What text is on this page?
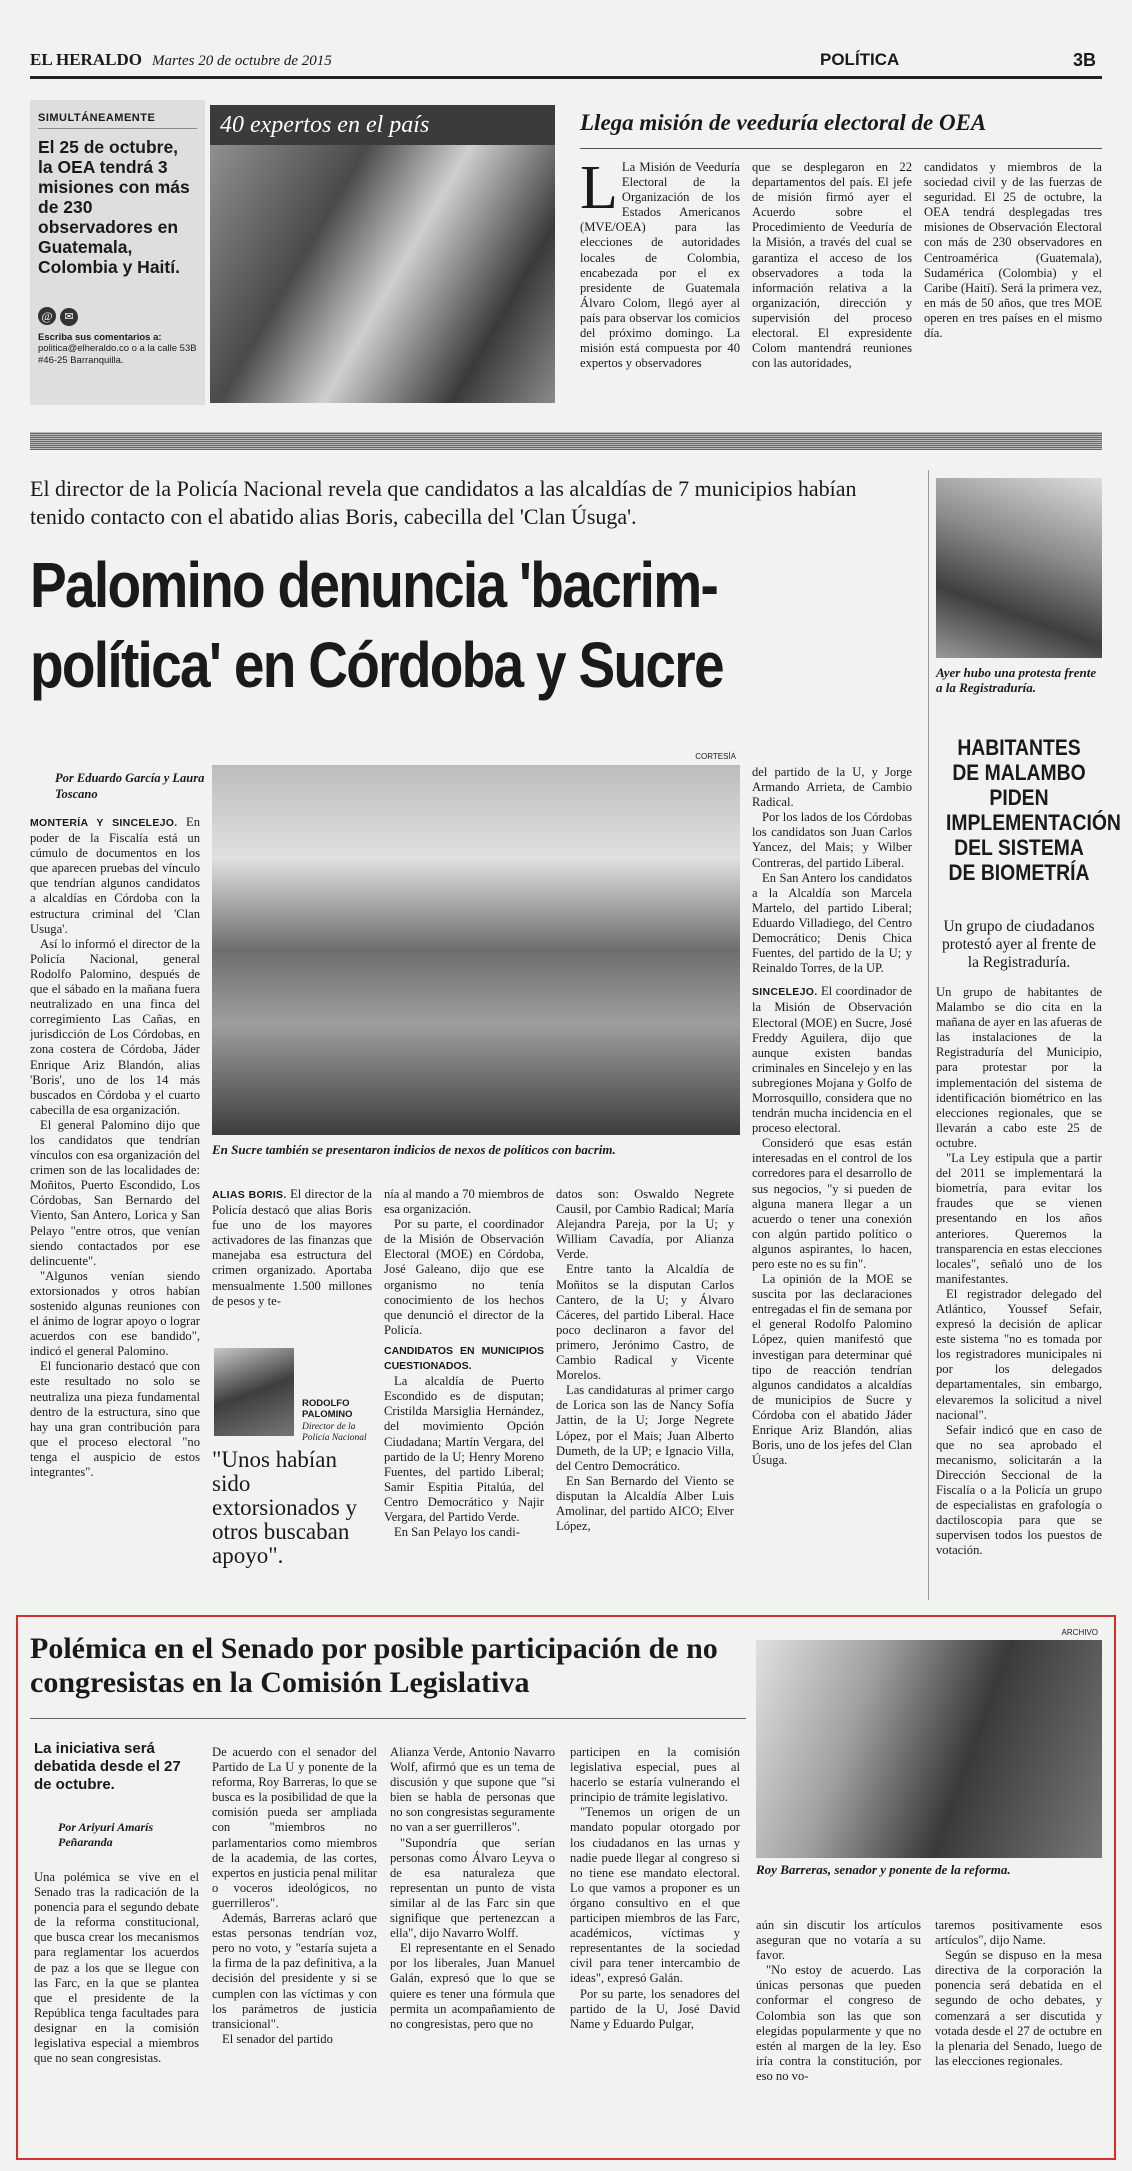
EL HERALDO Martes 20 de octubre de 2015	POLÍTICA	3B
SIMULTÁNEAMENTE
El 25 de octubre, la OEA tendrá 3 misiones con más de 230 observadores en Guatemala, Colombia y Haití.
@ ✉
Escriba sus comentarios a:
politica@elheraldo.co o a la calle 53B #46-25 Barranquilla.
40 expertos en el país	Llega misión de veeduría electoral de OEA
L La Misión de Veeduría Electoral de la Organización de los Estados Americanos (MVE/OEA) para las elecciones de autoridades locales de Colombia, encabezada por el ex presidente de Guatemala Álvaro Colom, llegó ayer al país para observar los comicios del próximo domingo. La misión está compuesta por 40 expertos y observadores
que se desplegaron en 22 departamentos del país. El jefe de misión firmó ayer el Acuerdo sobre el Procedimiento de Veeduría de la Misión, a través del cual se garantiza el acceso de los observadores a toda la información relativa a la organización, dirección y supervisión del proceso electoral. El expresidente Colom mantendrá reuniones con las autoridades,
candidatos y miembros de la sociedad civil y de las fuerzas de seguridad. El 25 de octubre, la OEA tendrá desplegadas tres misiones de Observación Electoral con más de 230 observadores en Centroamérica (Guatemala), Sudamérica (Colombia) y el Caribe (Haití). Será la primera vez, en más de 50 años, que tres MOE operen en tres países en el mismo día.
El director de la Policía Nacional revela que candidatos a las alcaldías de 7 municipios habían tenido contacto con el abatido alias Boris, cabecilla del 'Clan Úsuga'.
Palomino denuncia 'bacrim-política' en Córdoba y Sucre
Por Eduardo García y Laura Toscano
CORTESÍA
En Sucre también se presentaron indicios de nexos de políticos con bacrim.

MONTERÍA Y SINCELEJO. En poder de la Fiscalía está un cúmulo de documentos en los que aparecen pruebas del vínculo que tendrían algunos candidatos a alcaldías en Córdoba con la estructura criminal del 'Clan Usuga'.

Así lo informó el director de la Policía Nacional, general Rodolfo Palomino, después de que el sábado en la mañana fuera neutralizado en una finca del corregimiento Las Cañas, en jurisdicción de Los Córdobas, en zona costera de Córdoba, Jáder Enrique Ariz Blandón, alias 'Boris', uno de los 14 más buscados en Córdoba y el cuarto cabecilla de esa organización.

El general Palomino dijo que los candidatos que tendrían vínculos con esa organización del crimen son de las localidades de: Moñitos, Puerto Escondido, Los Córdobas, San Bernardo del Viento, San Antero, Lorica y San Pelayo "entre otros, que venían siendo contactados por ese delincuente".

"Algunos venían siendo extorsionados y otros habían sostenido algunas reuniones con el ánimo de lograr apoyo o lograr acuerdos con ese bandido", indicó el general Palomino.

El funcionario destacó que con este resultado no solo se neutraliza una pieza fundamental dentro de la estructura, sino que hay una gran contribución para que el proceso electoral "no tenga el auspicio de estos integrantes".

ALIAS BORIS. El director de la Policía destacó que alias Boris fue uno de los mayores activadores de las finanzas que manejaba esa estructura del crimen organizado. Aportaba mensualmente 1.500 millones de pesos y te-

RODOLFO PALOMINO
Director de la Policía Nacional
"Unos habían sido extorsionados y otros buscaban apoyo".

nía al mando a 70 miembros de esa organización.

Por su parte, el coordinador de la Misión de Observación Electoral (MOE) en Córdoba, José Galeano, dijo que ese organismo no tenía conocimiento de los hechos que denunció el director de la Policía.

CANDIDATOS EN MUNICIPIOS CUESTIONADOS.

La alcaldía de Puerto Escondido es de disputan; Cristilda Marsiglia Hernández, del movimiento Opción Ciudadana; Martín Vergara, del partido de la U; Henry Moreno Fuentes, del partido Liberal; Samir Espitia Pitalúa, del Centro Democrático y Najir Vergara, del Partido Verde.

En San Pelayo los candi-

datos son: Oswaldo Negrete Causil, por Cambio Radical; María Alejandra Pareja, por la U; y William Cavadía, por Alianza Verde.

Entre tanto la Alcaldía de Moñitos se la disputan Carlos Cantero, de la U; y Álvaro Cáceres, del partido Liberal. Hace poco declinaron a favor del primero, Jerónimo Castro, de Cambio Radical y Vicente Morelos.

Las candidaturas al primer cargo de Lorica son las de Nancy Sofía Jattin, de la U; Jorge Negrete López, por el Mais; Juan Alberto Dumeth, de la UP; e Ignacio Villa, del Centro Democrático.

En San Bernardo del Viento se disputan la Alcaldía Alber Luis Amolinar, del partido AICO; Elver López,

del partido de la U, y Jorge Armando Arrieta, de Cambio Radical.

Por los lados de los Córdobas los candidatos son Juan Carlos Yancez, del Mais; y Wilber Contreras, del partido Liberal.

En San Antero los candidatos a la Alcaldía son Marcela Martelo, del partido Liberal; Eduardo Villadiego, del Centro Democrático; Denis Chica Fuentes, del partido de la U; y Reinaldo Torres, de la UP.

SINCELEJO. El coordinador de la Misión de Observación Electoral (MOE) en Sucre, José Freddy Aguilera, dijo que aunque existen bandas criminales en Sincelejo y en las subregiones Mojana y Golfo de Morrosquillo, considera que no tendrán mucha incidencia en el proceso electoral.

Consideró que esas están interesadas en el control de los corredores para el desarrollo de sus negocios, "y si pueden de alguna manera llegar a un acuerdo o tener una conexión con algún partido político o algunos aspirantes, lo hacen, pero este no es su fin".

La opinión de la MOE se suscita por las declaraciones entregadas el fin de semana por el general Rodolfo Palomino López, quien manifestó que investigan para determinar qué tipo de reacción tendrían algunos candidatos a alcaldías de municipios de Sucre y Córdoba con el abatido Jáder Enrique Ariz Blandón, alias Boris, uno de los jefes del Clan Úsuga.

Ayer hubo una protesta frente a la Registraduría.
HABITANTES DE MALAMBO PIDEN IMPLEMENTACIÓN DEL SISTEMA DE BIOMETRÍA
Un grupo de ciudadanos protestó ayer al frente de la Registraduría.

Un grupo de habitantes de Malambo se dio cita en la mañana de ayer en las afueras de las instalaciones de la Registraduría del Municipio, para protestar por la implementación del sistema de identificación biométrico en las elecciones regionales, que se llevarán a cabo este 25 de octubre.

"La Ley estipula que a partir del 2011 se implementará la biometría, para evitar los fraudes que se vienen presentando en los años anteriores. Queremos la transparencia en estas elecciones locales", señaló uno de los manifestantes.

El registrador delegado del Atlántico, Youssef Sefair, expresó la decisión de aplicar este sistema "no es tomada por los registradores municipales ni por los delegados departamentales, sin embargo, elevaremos la solicitud a nivel nacional".

Sefair indicó que en caso de que no sea aprobado el mecanismo, solicitarán a la Dirección Seccional de la Fiscalía o a la Policía un grupo de especialistas en grafología o dactiloscopia para que se supervisen todos los puestos de votación.

Polémica en el Senado por posible participación de no congresistas en la Comisión Legislativa
ARCHIVO
Roy Barreras, senador y ponente de la reforma.
La iniciativa será debatida desde el 27 de octubre.
Por Ariyuri Amarís Peñaranda

Una polémica se vive en el Senado tras la radicación de la ponencia para el segundo debate de la reforma constitucional, que busca crear los mecanismos para reglamentar los acuerdos de paz a los que se llegue con las Farc, en la que se plantea que el presidente de la República tenga facultades para designar en la comisión legislativa especial a miembros que no sean congresistas.

De acuerdo con el senador del Partido de La U y ponente de la reforma, Roy Barreras, lo que se busca es la posibilidad de que la comisión pueda ser ampliada con "miembros no parlamentarios como miembros de la academia, de las cortes, expertos en justicia penal militar o voceros ideológicos, no guerrilleros".

Además, Barreras aclaró que estas personas tendrían voz, pero no voto, y "estaría sujeta a la firma de la paz definitiva, a la decisión del presidente y si se cumplen con las víctimas y con los parámetros de justicia transicional".

El senador del partido

Alianza Verde, Antonio Navarro Wolf, afirmó que es un tema de discusión y que supone que "si bien se habla de personas que no son congresistas seguramente no van a ser guerrilleros".

"Supondría que serían personas como Álvaro Leyva o de esa naturaleza que representan un punto de vista similar al de las Farc sin que signifique que pertenezcan a ella", dijo Navarro Wolff.

El representante en el Senado por los liberales, Juan Manuel Galán, expresó que lo que se quiere es tener una fórmula que permita un acompañamiento de no congresistas, pero que no

participen en la comisión legislativa especial, pues al hacerlo se estaría vulnerando el principio de trámite legislativo.

"Tenemos un origen de un mandato popular otorgado por los ciudadanos en las urnas y nadie puede llegar al congreso si no tiene ese mandato electoral. Lo que vamos a proponer es un órgano consultivo en el que participen miembros de las Farc, académicos, víctimas y representantes de la sociedad civil para tener intercambio de ideas", expresó Galán.

Por su parte, los senadores del partido de la U, José David Name y Eduardo Pulgar,

aún sin discutir los artículos aseguran que no votaría a su favor.

"No estoy de acuerdo. Las únicas personas que pueden conformar el congreso de Colombia son las que son elegidas popularmente y que no estén al margen de la ley. Eso iría contra la constitución, por eso no vo-

taremos positivamente esos artículos", dijo Name.

Según se dispuso en la mesa directiva de la corporación la ponencia será debatida en el segundo de ocho debates, y comenzará a ser discutida y votada desde el 27 de octubre en la plenaria del Senado, luego de las elecciones regionales.
